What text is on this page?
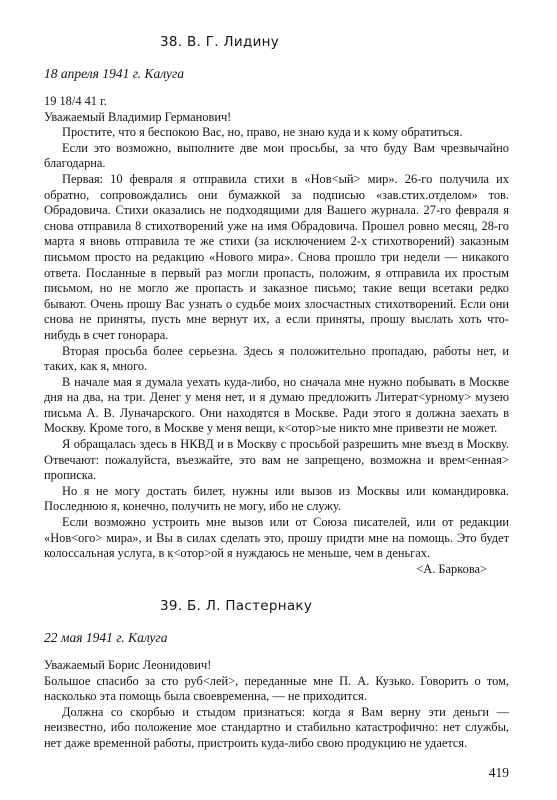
38. В. Г. Лидину
18 апреля 1941 г. Калуга

19 18/4 41 г.

Уважаемый Владимир Германович!

Простите, что я беспокою Вас, но, право, не знаю куда и к кому обратиться.

Если это возможно, выполните две мои просьбы, за что буду Вам чрезвычайно благодарна.

Первая: 10 февраля я отправила стихи в «Нов<ый> мир». 26-го получила их обратно, сопровождались они бумажкой за подписью «зав.стих.отделом» тов. Обрадовича. Стихи оказались не подходящими для Вашего журнала. 27-го февраля я снова отправила 8 стихотворений уже на имя Обрадовича. Прошел ровно месяц, 28-го марта я вновь отправила те же стихи (за исключением 2-х стихотворений) заказным письмом просто на редакцию «Нового мира». Снова прошло три недели — никакого ответа. Посланные в первый раз могли пропасть, положим, я отправила их простым письмом, но не могло же пропасть и заказное письмо; такие вещи всетаки редко бывают. Очень прошу Вас узнать о судьбе моих злосчастных стихотворений. Если они снова не приняты, пусть мне вернут их, а если приняты, прошу выслать хоть что-нибудь в счет гонорара.

Вторая просьба более серьезна. Здесь я положительно пропадаю, работы нет, и таких, как я, много.

В начале мая я думала уехать куда-либо, но сначала мне нужно побывать в Москве дня на два, на три. Денег у меня нет, и я думаю предложить Литерат<урному> музею письма А. В. Луначарского. Они находятся в Москве. Ради этого я должна заехать в Москву. Кроме того, в Москве у меня вещи, к<отор>ые никто мне привезти не может.

Я обращалась здесь в НКВД и в Москву с просьбой разрешить мне въезд в Москву. Отвечают: пожалуйста, въезжайте, это вам не запрещено, возможна и врем<енная> прописка.

Но я не могу достать билет, нужны или вызов из Москвы или командировка. Последнюю я, конечно, получить не могу, ибо не служу.

Если возможно устроить мне вызов или от Союза писателей, или от редакции «Нов<ого> мира», и Вы в силах сделать это, прошу придти мне на помощь. Это будет колоссальная услуга, в к<отор>ой я нуждаюсь не меньше, чем в деньгах.

<А. Баркова>

39. Б. Л. Пастернаку
22 мая 1941 г. Калуга

Уважаемый Борис Леонидович!

Большое спасибо за сто руб<лей>, переданные мне П. А. Кузько. Говорить о том, насколько эта помощь была своевременна, — не приходится.

Должна со скорбью и стыдом признаться: когда я Вам верну эти деньги — неизвестно, ибо положение мое стандартно и стабильно катастрофично: нет службы, нет даже временной работы, пристроить куда-либо свою продукцию не удается.

419
